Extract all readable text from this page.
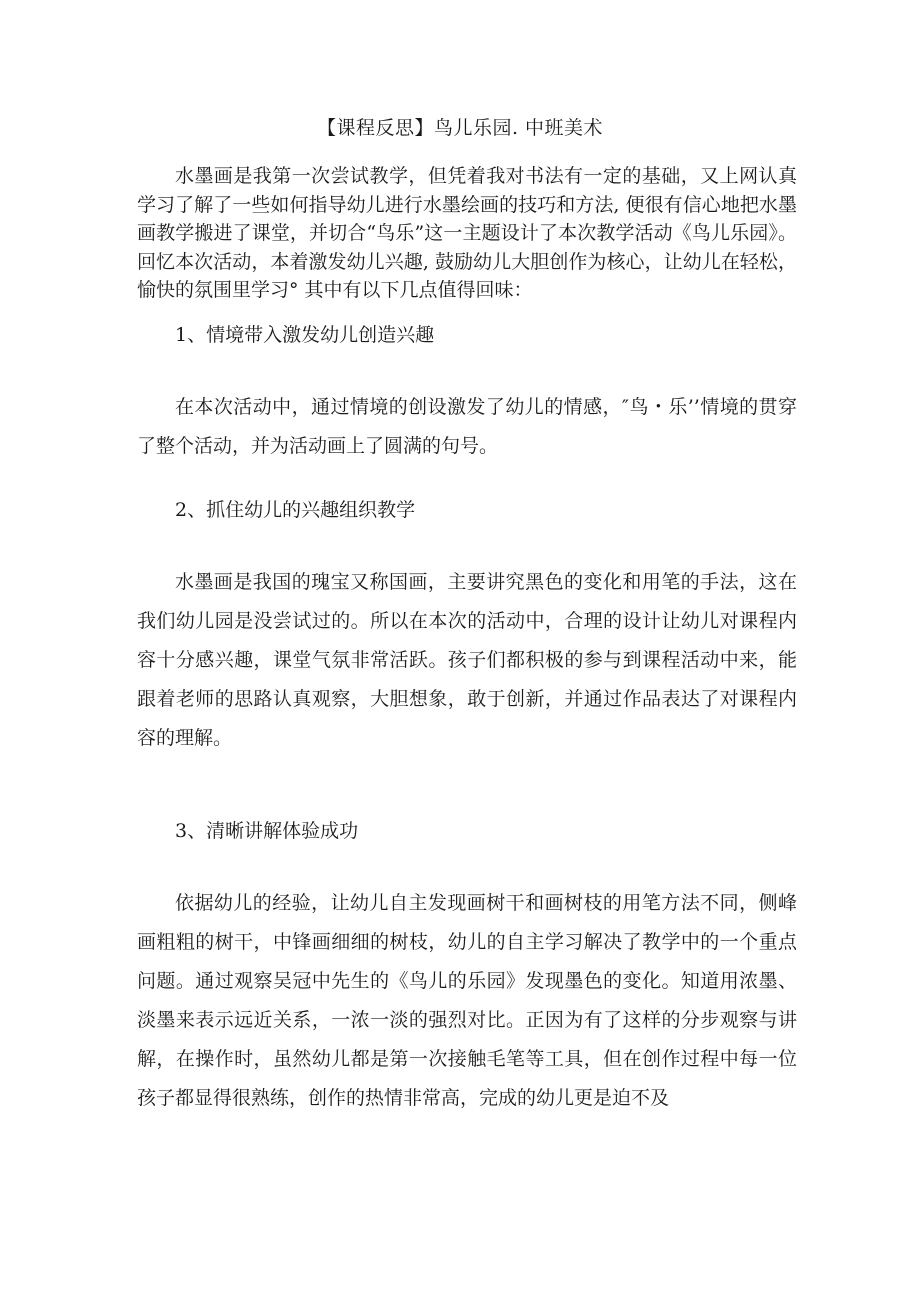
【课程反思】鸟儿乐园. 中班美术
水墨画是我第一次尝试教学，但凭着我对书法有一定的基础，又上网认真学习了解了一些如何指导幼儿进行水墨绘画的技巧和方法, 便很有信心地把水墨画教学搬进了课堂，并切合“鸟乐”这一主题设计了本次教学活动《鸟儿乐园》。回忆本次活动，本着激发幼儿兴趣, 鼓励幼儿大胆创作为核心，让幼儿在轻松，愉快的氛围里学习° 其中有以下几点值得回味：
1、情境带入激发幼儿创造兴趣
在本次活动中，通过情境的创设激发了幼儿的情感，″鸟・乐’’情境的贯穿了整个活动，并为活动画上了圆满的句号。
2、抓住幼儿的兴趣组织教学
水墨画是我国的瑰宝又称国画，主要讲究黑色的变化和用笔的手法，这在我们幼儿园是没尝试过的。所以在本次的活动中，合理的设计让幼儿对课程内容十分感兴趣，课堂气氛非常活跃。孩子们都积极的参与到课程活动中来，能跟着老师的思路认真观察，大胆想象，敢于创新，并通过作品表达了对课程内容的理解。
3、清晰讲解体验成功
依据幼儿的经验，让幼儿自主发现画树干和画树枝的用笔方法不同，侧峰画粗粗的树干，中锋画细细的树枝，幼儿的自主学习解决了教学中的一个重点问题。通过观察吴冠中先生的《鸟儿的乐园》发现墨色的变化。知道用浓墨、淡墨来表示远近关系，一浓一淡的强烈对比。正因为有了这样的分步观察与讲解，在操作时，虽然幼儿都是第一次接触毛笔等工具，但在创作过程中每一位孩子都显得很熟练，创作的热情非常高，完成的幼儿更是迫不及
